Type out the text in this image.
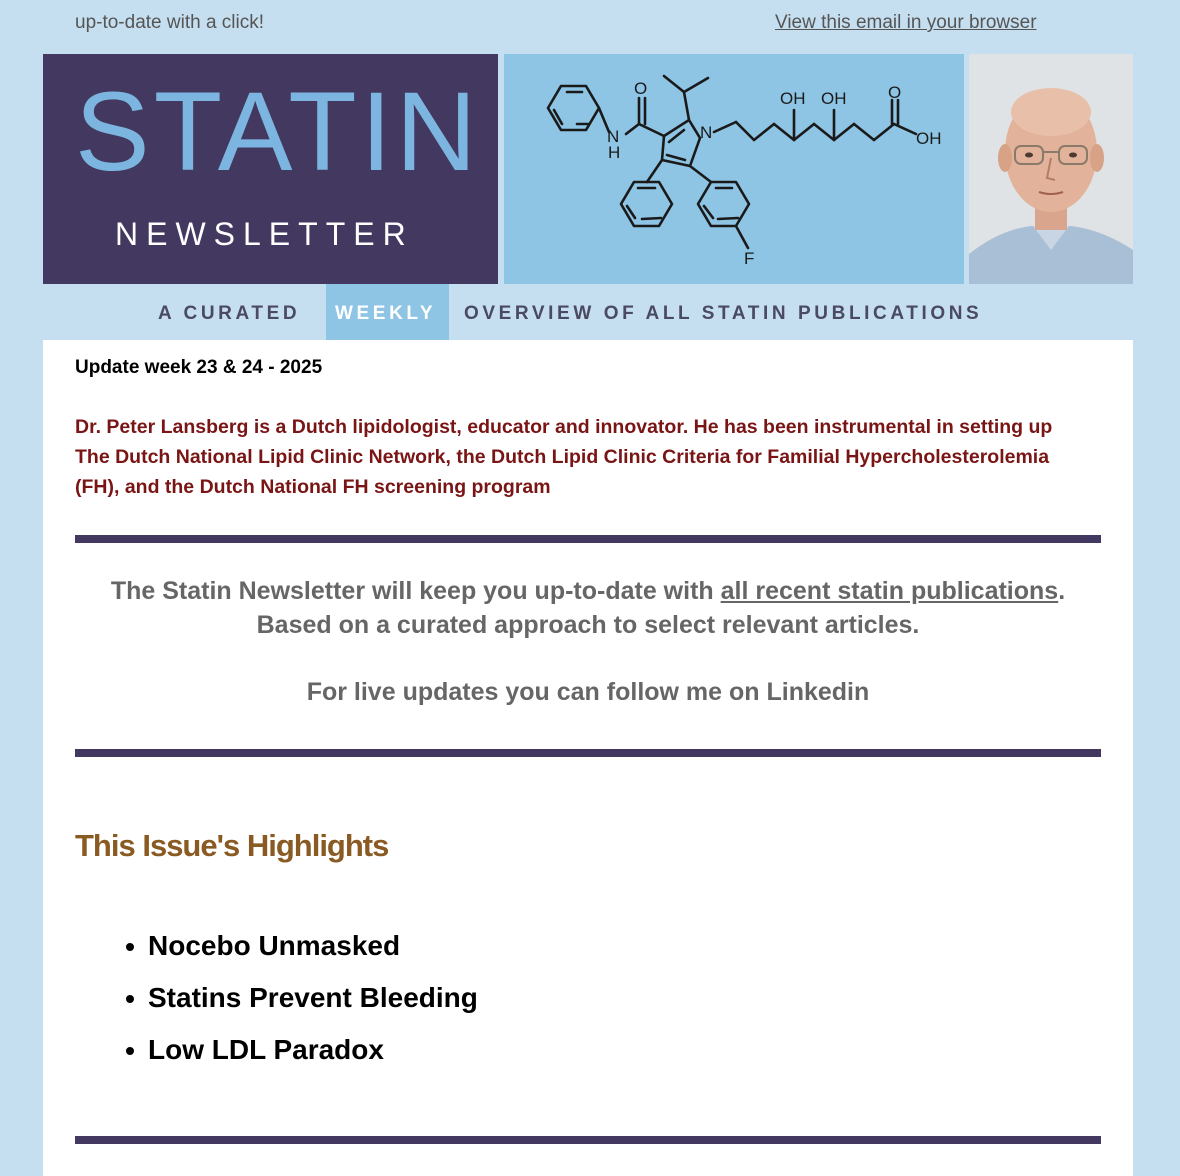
up-to-date with a click!	View this email in your browser
STATIN
NEWSLETTER
O
N
H
N
OH OH O
OH
F
A CURATED WEEKLY OVERVIEW OF ALL STATIN PUBLICATIONS
Update week 23 & 24 - 2025
Dr. Peter Lansberg is a Dutch lipidologist, educator and innovator. He has been instrumental in setting up The Dutch National Lipid Clinic Network, the Dutch Lipid Clinic Criteria for Familial Hypercholesterolemia (FH), and the Dutch National FH screening program
The Statin Newsletter will keep you up-to-date with all recent statin publications. Based on a curated approach to select relevant articles.
For live updates you can follow me on Linkedin
This Issue's Highlights
Nocebo Unmasked
Statins Prevent Bleeding
Low LDL Paradox
